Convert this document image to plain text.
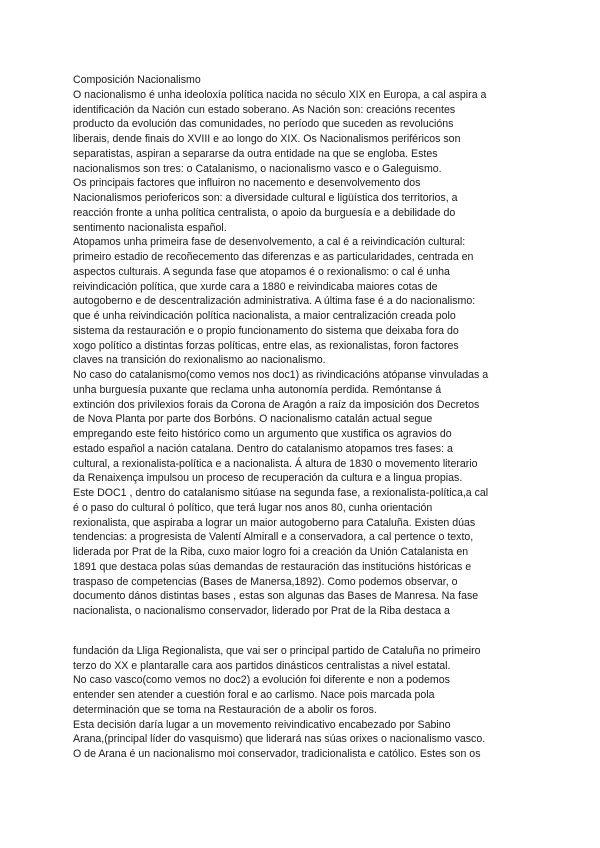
Composición Nacionalismo
O nacionalismo é unha ideoloxía política nacida no século XIX en Europa, a cal aspira a
identificación da Nación cun estado soberano. As Nación son: creacións recentes
producto da evolución das comunidades, no período que suceden as revolucións
liberais, dende finais do XVIII e ao longo do XIX. Os Nacionalismos periféricos son
separatistas, aspiran a separarse da outra entidade na que se engloba. Estes
nacionalismos son tres: o Catalanismo, o nacionalismo vasco e o Galeguismo.
Os principais factores que influiron no nacemento e desenvolvemento dos
Nacionalismos periofericos son: a diversidade cultural e ligüística dos territorios, a
reacción fronte a unha política centralista, o apoio da burguesía e a debilidade do
sentimento nacionalista español.
Atopamos unha primeira fase de desenvolvemento, a cal é a reivindicación cultural:
primeiro estadio de recoñecemento das diferenzas e as particularidades, centrada en
aspectos culturais. A segunda fase que atopamos é o rexionalismo: o cal é unha
reivindicación política, que xurde cara a 1880 e reivindicaba maiores cotas de
autogoberno e de descentralización administrativa. A última fase é a do nacionalismo:
que é unha reivindicación política nacionalista, a maior centralización creada polo
sistema da restauración e o propio funcionamento do sistema que deixaba fora do
xogo político a distintas forzas políticas, entre elas, as rexionalistas, foron factores
claves na transición do rexionalismo ao nacionalismo.
No caso do catalanismo(como vemos nos doc1) as rivindicacións atópanse vinvuladas a
unha burguesía puxante que reclama unha autonomía perdida. Remóntanse á
extinción dos privilexios forais da Corona de Aragón a raíz da imposición dos Decretos
de Nova Planta por parte dos Borbóns. O nacionalismo catalán actual segue
empregando este feito histórico como un argumento que xustifica os agravios do
estado español a nación catalana. Dentro do catalanismo atopamos tres fases: a
cultural, a rexionalista-política e a nacionalista. Á altura de 1830 o movemento literario
da Renaixença impulsou un proceso de recuperación da cultura e a lingua propias.
Este DOC1 , dentro do catalanismo sitúase na segunda fase, a rexionalista-política,a cal
é o paso do cultural ó político, que terá lugar nos anos 80, cunha orientación
rexionalista, que aspiraba a lograr un maior autogoberno para Cataluña. Existen dúas
tendencias: a progresista de Valentí Almirall e a conservadora, a cal pertence o texto,
liderada por Prat de la Riba, cuxo maior logro foi a creación da Unión Catalanista en
1891 que destaca polas súas demandas de restauración das institucións históricas e
traspaso de competencias (Bases de Manersa,1892). Como podemos observar, o
documento dános distintas bases , estas son algunas das Bases de Manresa. Na fase
nacionalista, o nacionalismo conservador, liderado por Prat de la Riba destaca a
fundación da Lliga Regionalista, que vai ser o principal partido de Cataluña no primeiro
terzo do XX e plantaralle cara aos partidos dinásticos centralistas a nivel estatal.
No caso vasco(como vemos no doc2) a evolución foi diferente e non a podemos
entender sen atender a cuestión foral e ao carlismo. Nace pois marcada pola
determinación que se toma na Restauración de a abolir os foros.
Esta decisión daría lugar a un movemento reivindicativo encabezado por Sabino
Arana,(principal líder do vasquismo) que liderará nas súas orixes o nacionalismo vasco.
O de Arana é un nacionalismo moi conservador, tradicionalista e católico. Estes son os
